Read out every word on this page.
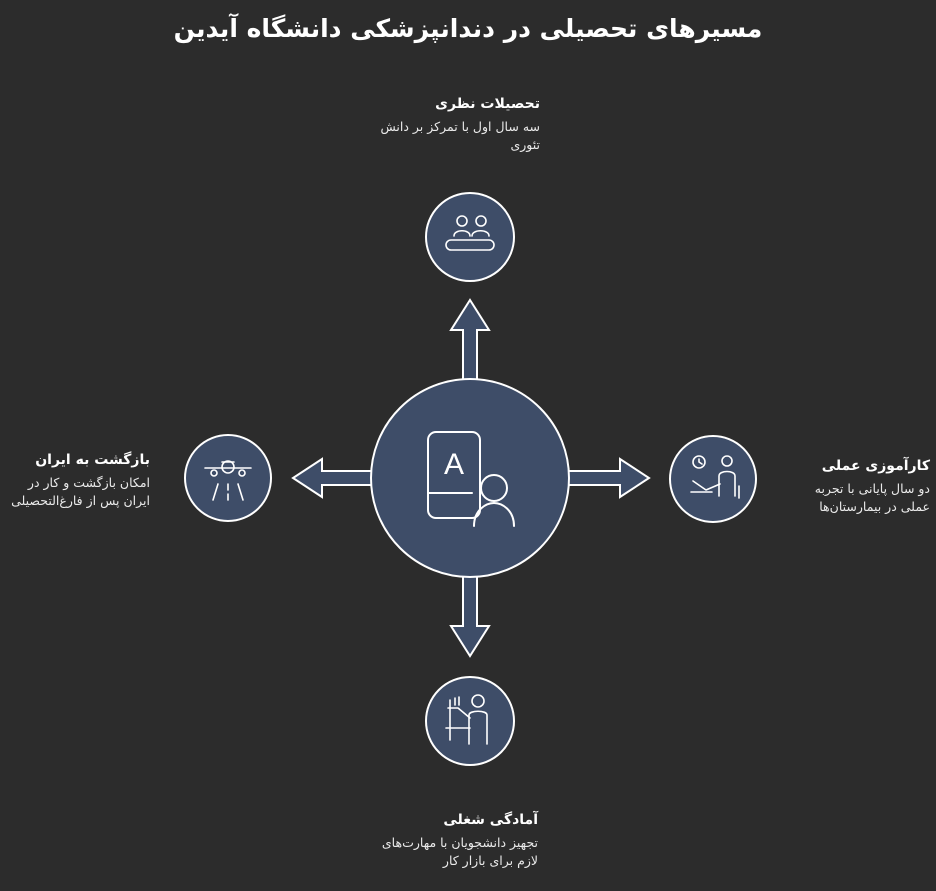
مسیرهای تحصیلی در دندانپزشکی دانشگاه آیدین
A
تحصیلات نظری
سه سال اول با تمرکز بر دانش تئوری
کارآموزی عملی
دو سال پایانی با تجربه عملی در بیمارستان‌ها
بازگشت به ایران
امکان بازگشت و کار در ایران پس از فارغ‌التحصیلی
آمادگی شغلی
تجهیز دانشجویان با مهارت‌های لازم برای بازار کار
